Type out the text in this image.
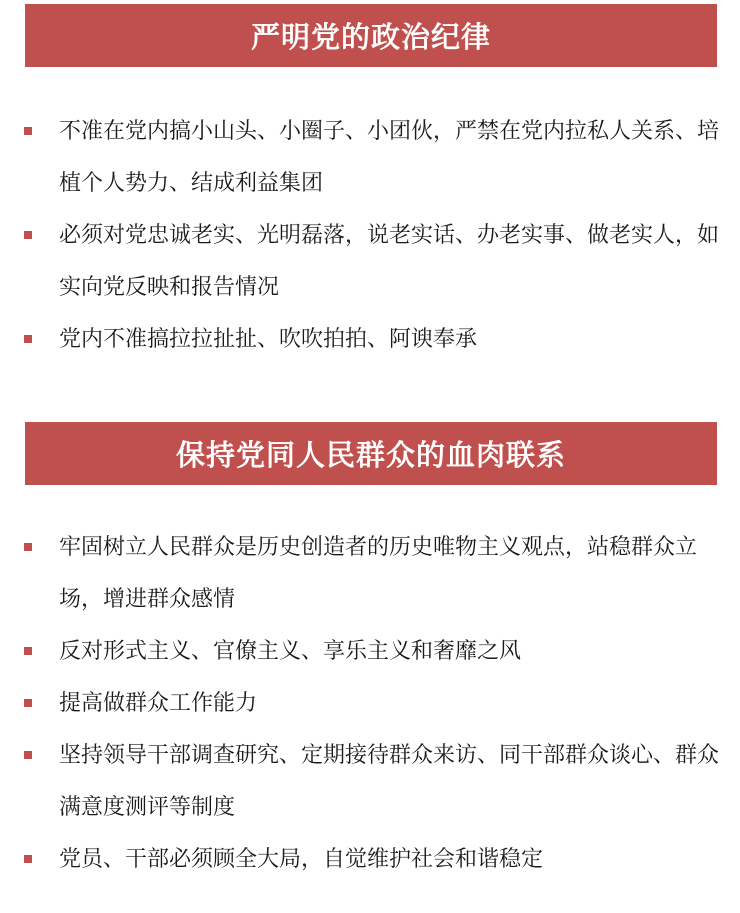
严明党的政治纪律
不准在党内搞小山头、小圈子、小团伙，严禁在党内拉私人关系、培植个人势力、结成利益集团
必须对党忠诚老实、光明磊落，说老实话、办老实事、做老实人，如实向党反映和报告情况
党内不准搞拉拉扯扯、吹吹拍拍、阿谀奉承
保持党同人民群众的血肉联系
牢固树立人民群众是历史创造者的历史唯物主义观点，站稳群众立场，增进群众感情
反对形式主义、官僚主义、享乐主义和奢靡之风
提高做群众工作能力
坚持领导干部调查研究、定期接待群众来访、同干部群众谈心、群众满意度测评等制度
党员、干部必须顾全大局，自觉维护社会和谐稳定
